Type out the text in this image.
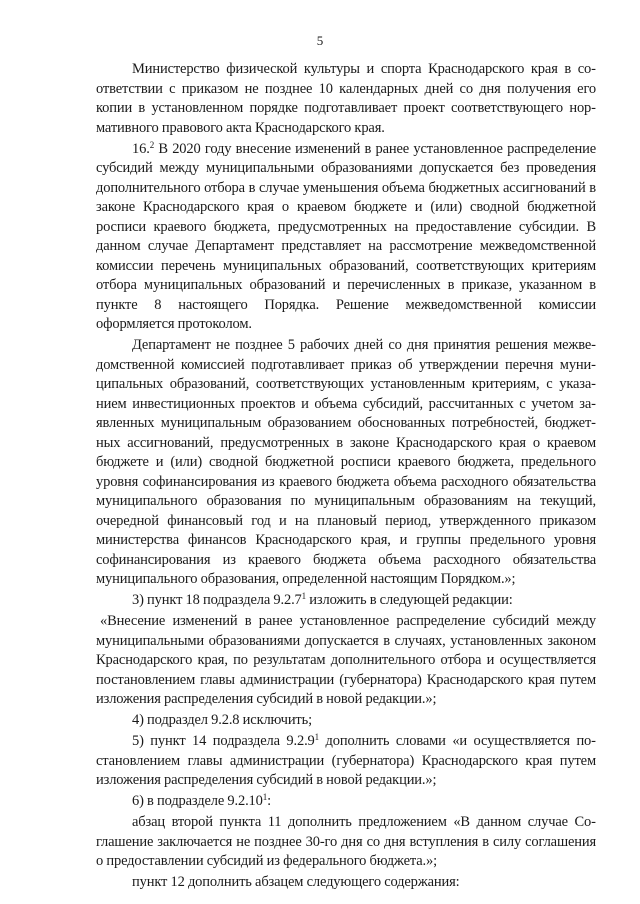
5

Министерство физической культуры и спорта Краснодарского края в соответствии с приказом не позднее 10 календарных дней со дня получения его копии в установленном порядке подготавливает проект соответствующего нормативного правового акта Краснодарского края.

16.$^2$ В 2020 году внесение изменений в ранее установленное распределение субсидий между муниципальными образованиями допускается без проведения дополнительного отбора в случае уменьшения объема бюджетных ассигнований в законе Краснодарского края о краевом бюджете и (или) сводной бюджетной росписи краевого бюджета, предусмотренных на предоставление субсидии. В данном случае Департамент представляет на рассмотрение межведомственной комиссии перечень муниципальных образований, соответствующих критериям отбора муниципальных образований и перечисленных в приказе, указанном в пункте 8 настоящего Порядка. Решение межведомственной комиссии оформляется протоколом.

Департамент не позднее 5 рабочих дней со дня принятия решения межведомственной комиссией подготавливает приказ об утверждении перечня муниципальных образований, соответствующих установленным критериям, с указанием инвестиционных проектов и объема субсидий, рассчитанных с учетом заявленных муниципальным образованием обоснованных потребностей, бюджетных ассигнований, предусмотренных в законе Краснодарского края о краевом бюджете и (или) сводной бюджетной росписи краевого бюджета, предельного уровня софинансирования из краевого бюджета объема расходного обязательства муниципального образования по муниципальным образованиям на текущий, очередной финансовый год и на плановый период, утвержденного приказом министерства финансов Краснодарского края, и группы предельного уровня софинансирования из краевого бюджета объема расходного обязательства муниципального образования, определенной настоящим Порядком.»;

3) пункт 18 подраздела 9.2.7$^1$ изложить в следующей редакции:

«Внесение изменений в ранее установленное распределение субсидий между муниципальными образованиями допускается в случаях, установленных законом Краснодарского края, по результатам дополнительного отбора и осуществляется постановлением главы администрации (губернатора) Краснодарского края путем изложения распределения субсидий в новой редакции.»;

4) подраздел 9.2.8 исключить;

5) пункт 14 подраздела 9.2.9$^1$ дополнить словами «и осуществляется постановлением главы администрации (губернатора) Краснодарского края путем изложения распределения субсидий в новой редакции.»;

6) в подразделе 9.2.10$^1$:

абзац второй пункта 11 дополнить предложением «В данном случае Соглашение заключается не позднее 30-го дня со дня вступления в силу соглашения о предоставлении субсидий из федерального бюджета.»;

пункт 12 дополнить абзацем следующего содержания:
